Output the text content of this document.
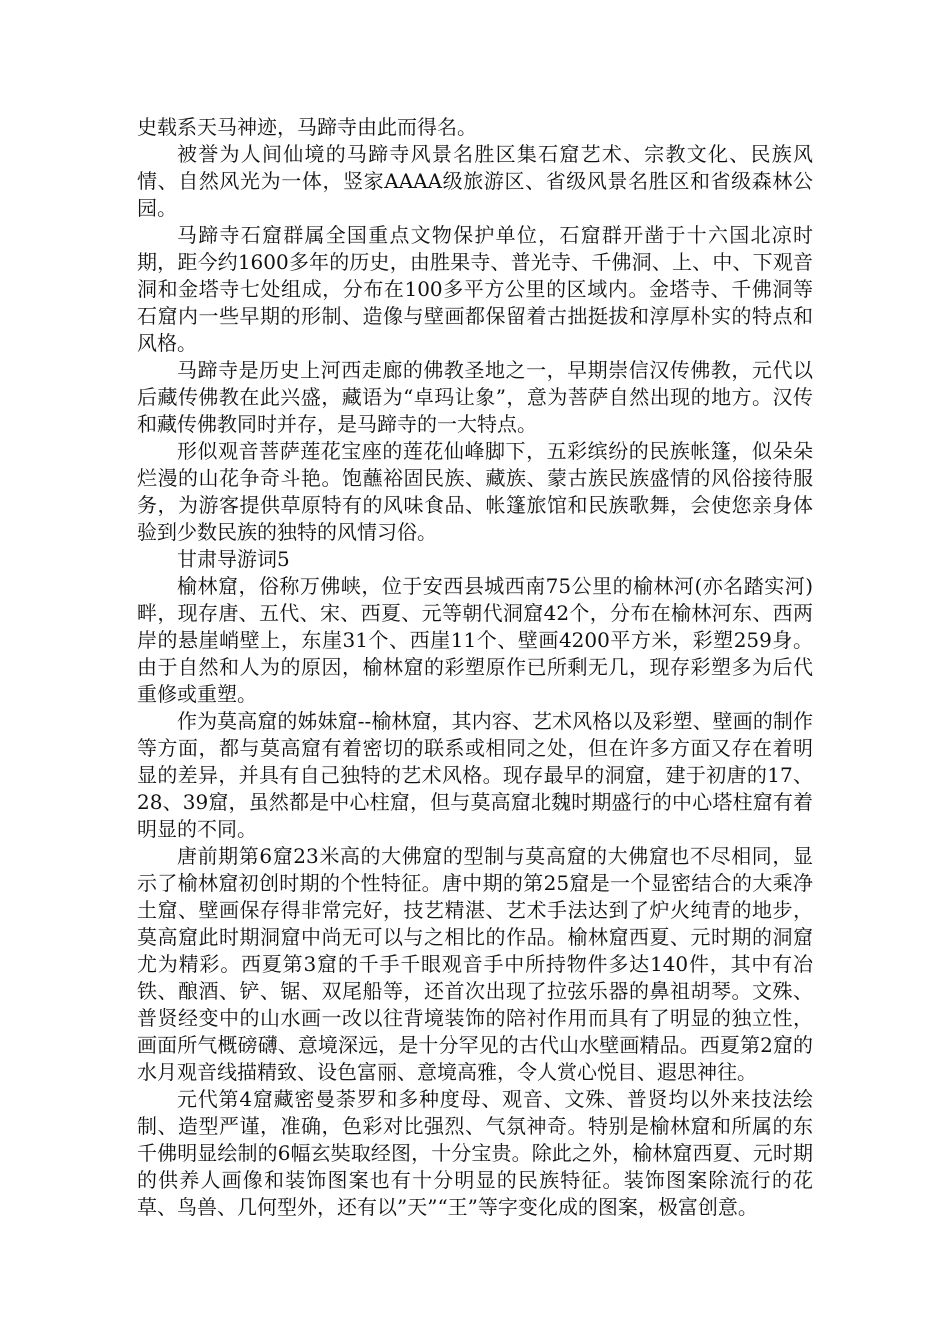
史载系天马神迹，马蹄寺由此而得名。

被誉为人间仙境的马蹄寺风景名胜区集石窟艺术、宗教文化、民族风情、自然风光为一体，竖家AAAA级旅游区、省级风景名胜区和省级森林公园。

马蹄寺石窟群属全国重点文物保护单位，石窟群开凿于十六国北凉时期，距今约1600多年的历史，由胜果寺、普光寺、千佛洞、上、中、下观音洞和金塔寺七处组成，分布在100多平方公里的区域内。金塔寺、千佛洞等石窟内一些早期的形制、造像与壁画都保留着古拙挺拔和淳厚朴实的特点和风格。

马蹄寺是历史上河西走廊的佛教圣地之一，早期崇信汉传佛教，元代以后藏传佛教在此兴盛，藏语为“卓玛让象”，意为菩萨自然出现的地方。汉传和藏传佛教同时并存，是马蹄寺的一大特点。

形似观音菩萨莲花宝座的莲花仙峰脚下，五彩缤纷的民族帐篷，似朵朵烂漫的山花争奇斗艳。饱蘸裕固民族、藏族、蒙古族民族盛情的风俗接待服务，为游客提供草原特有的风味食品、帐篷旅馆和民族歌舞，会使您亲身体验到少数民族的独特的风情习俗。

甘肃导游词5

榆林窟，俗称万佛峡，位于安西县城西南75公里的榆林河(亦名踏实河)畔，现存唐、五代、宋、西夏、元等朝代洞窟42个，分布在榆林河东、西两岸的悬崖峭壁上，东崖31个、西崖11个、壁画4200平方米，彩塑259身。由于自然和人为的原因，榆林窟的彩塑原作已所剩无几，现存彩塑多为后代重修或重塑。

作为莫高窟的姊妹窟--榆林窟，其内容、艺术风格以及彩塑、壁画的制作等方面，都与莫高窟有着密切的联系或相同之处，但在许多方面又存在着明显的差异，并具有自己独特的艺术风格。现存最早的洞窟，建于初唐的17、28、39窟，虽然都是中心柱窟，但与莫高窟北魏时期盛行的中心塔柱窟有着明显的不同。

唐前期第6窟23米高的大佛窟的型制与莫高窟的大佛窟也不尽相同，显示了榆林窟初创时期的个性特征。唐中期的第25窟是一个显密结合的大乘净土窟、壁画保存得非常完好，技艺精湛、艺术手法达到了炉火纯青的地步，莫高窟此时期洞窟中尚无可以与之相比的作品。榆林窟西夏、元时期的洞窟尤为精彩。西夏第3窟的千手千眼观音手中所持物件多达140件，其中有冶铁、酿酒、铲、锯、双尾船等，还首次出现了拉弦乐器的鼻祖胡琴。文殊、普贤经变中的山水画一改以往背境装饰的陪衬作用而具有了明显的独立性，画面所气概磅礴、意境深远，是十分罕见的古代山水壁画精品。西夏第2窟的水月观音线描精致、设色富丽、意境高雅，令人赏心悦目、遐思神往。

元代第4窟藏密曼荼罗和多种度母、观音、文殊、普贤均以外来技法绘制、造型严谨，准确，色彩对比强烈、气氛神奇。特别是榆林窟和所属的东千佛明显绘制的6幅玄奘取经图，十分宝贵。除此之外，榆林窟西夏、元时期的供养人画像和装饰图案也有十分明显的民族特征。装饰图案除流行的花草、鸟兽、几何型外，还有以”天”“王”等字变化成的图案，极富创意。
